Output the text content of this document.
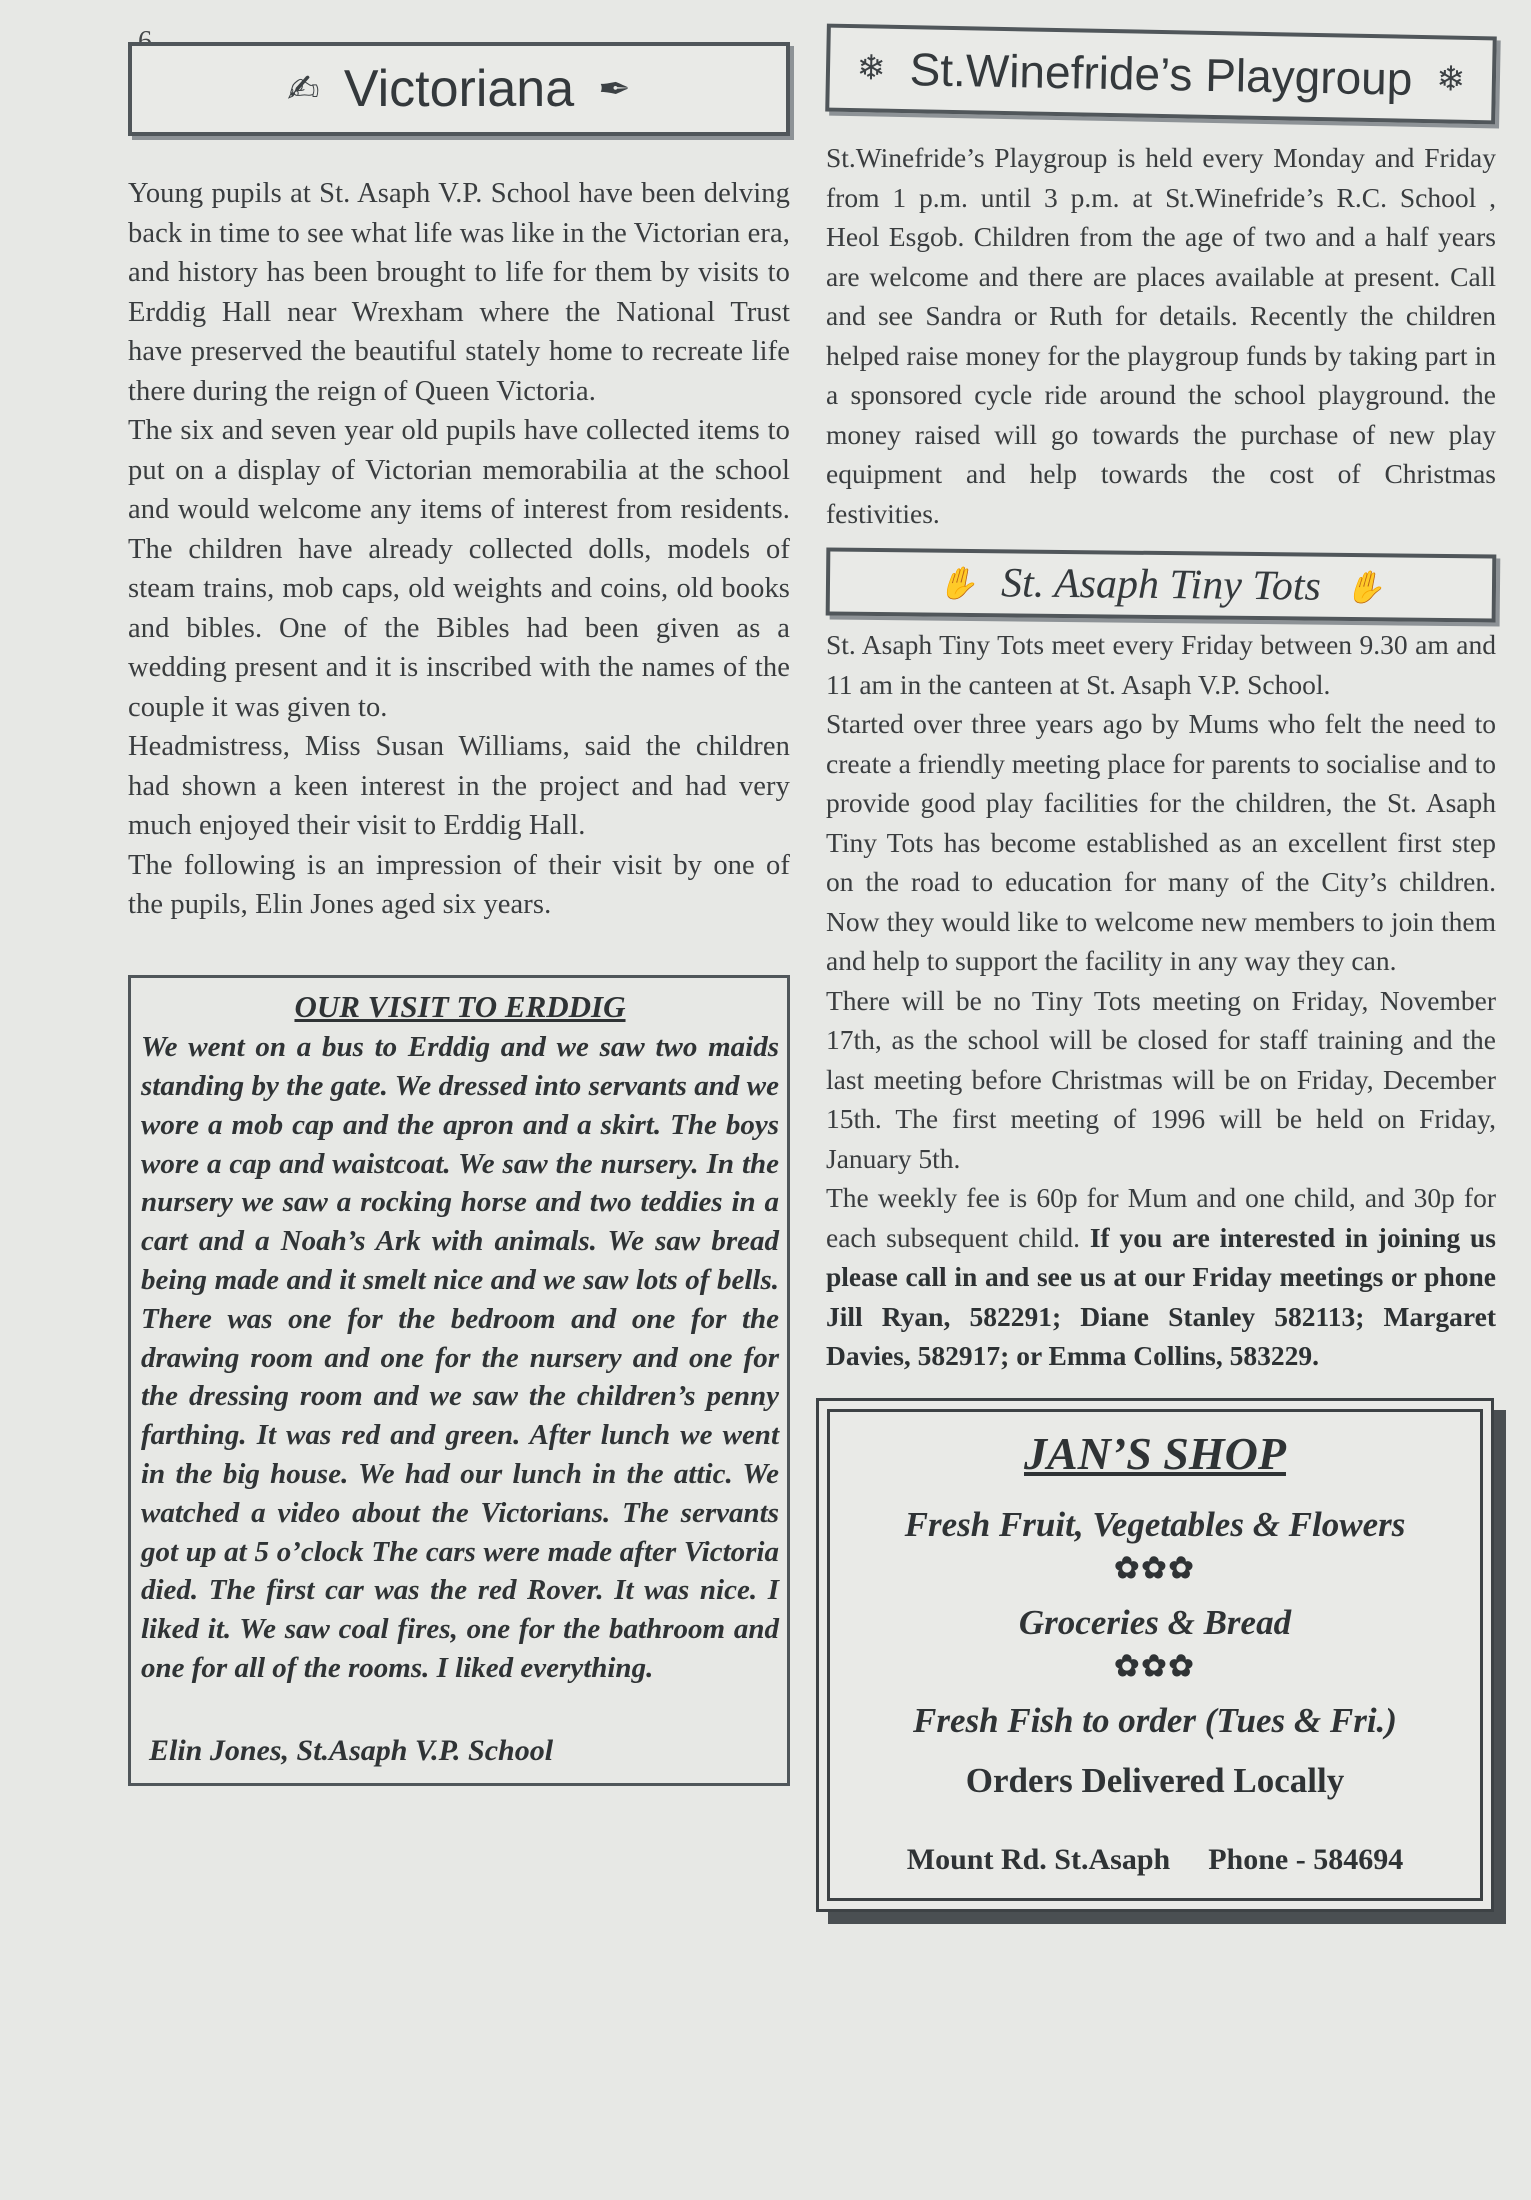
✍ Victoriana ✒

Young pupils at St. Asaph V.P. School have been delving back in time to see what life was like in the Victorian era, and history has been brought to life for them by visits to Erddig Hall near Wrexham where the National Trust have preserved the beautiful stately home to recreate life there during the reign of Queen Victoria.

The six and seven year old pupils have collected items to put on a display of Victorian memorabilia at the school and would welcome any items of interest from residents. The children have already collected dolls, models of steam trains, mob caps, old weights and coins, old books and bibles. One of the Bibles had been given as a wedding present and it is inscribed with the names of the couple it was given to.

Headmistress, Miss Susan Williams, said the children had shown a keen interest in the project and had very much enjoyed their visit to Erddig Hall.

The following is an impression of their visit by one of the pupils, Elin Jones aged six years.

OUR VISIT TO ERDDIG
We went on a bus to Erddig and we saw two maids standing by the gate. We dressed into servants and we wore a mob cap and the apron and a skirt. The boys wore a cap and waistcoat. We saw the nursery. In the nursery we saw a rocking horse and two teddies in a cart and a Noah’s Ark with animals. We saw bread being made and it smelt nice and we saw lots of bells. There was one for the bedroom and one for the drawing room and one for the nursery and one for the dressing room and we saw the children’s penny farthing. It was red and green. After lunch we went in the big house. We had our lunch in the attic. We watched a video about the Victorians. The servants got up at 5 o’clock The cars were made after Victoria died. The first car was the red Rover. It was nice. I liked it. We saw coal fires, one for the bathroom and one for all of the rooms. I liked everything.
Elin Jones, St.Asaph V.P. School
❄ St.Winefride’s Playgroup ❄

St.Winefride’s Playgroup is held every Monday and Friday from 1 p.m. until 3 p.m. at St.Winefride’s R.C. School , Heol Esgob. Children from the age of two and a half years are welcome and there are places available at present. Call and see Sandra or Ruth for details. Recently the children helped raise money for the playgroup funds by taking part in a sponsored cycle ride around the school playground. the money raised will go towards the purchase of new play equipment and help towards the cost of Christmas festivities.

✋ St. Asaph Tiny Tots ✋

St. Asaph Tiny Tots meet every Friday between 9.30 am and 11 am in the canteen at St. Asaph V.P. School.

Started over three years ago by Mums who felt the need to create a friendly meeting place for parents to socialise and to provide good play facilities for the children, the St. Asaph Tiny Tots has become established as an excellent first step on the road to education for many of the City’s children. Now they would like to welcome new members to join them and help to support the facility in any way they can.

There will be no Tiny Tots meeting on Friday, November 17th, as the school will be closed for staff training and the last meeting before Christmas will be on Friday, December 15th. The first meeting of 1996 will be held on Friday, January 5th.

The weekly fee is 60p for Mum and one child, and 30p for each subsequent child. If you are interested in joining us please call in and see us at our Friday meetings or phone Jill Ryan, 582291; Diane Stanley 582113; Margaret Davies, 582917; or Emma Collins, 583229.

JAN’S SHOP
Fresh Fruit, Vegetables & Flowers
✿✿✿
Groceries & Bread
✿✿✿
Fresh Fish to order (Tues & Fri.)
Orders Delivered Locally
Mount Rd. St.Asaph Phone - 584694
